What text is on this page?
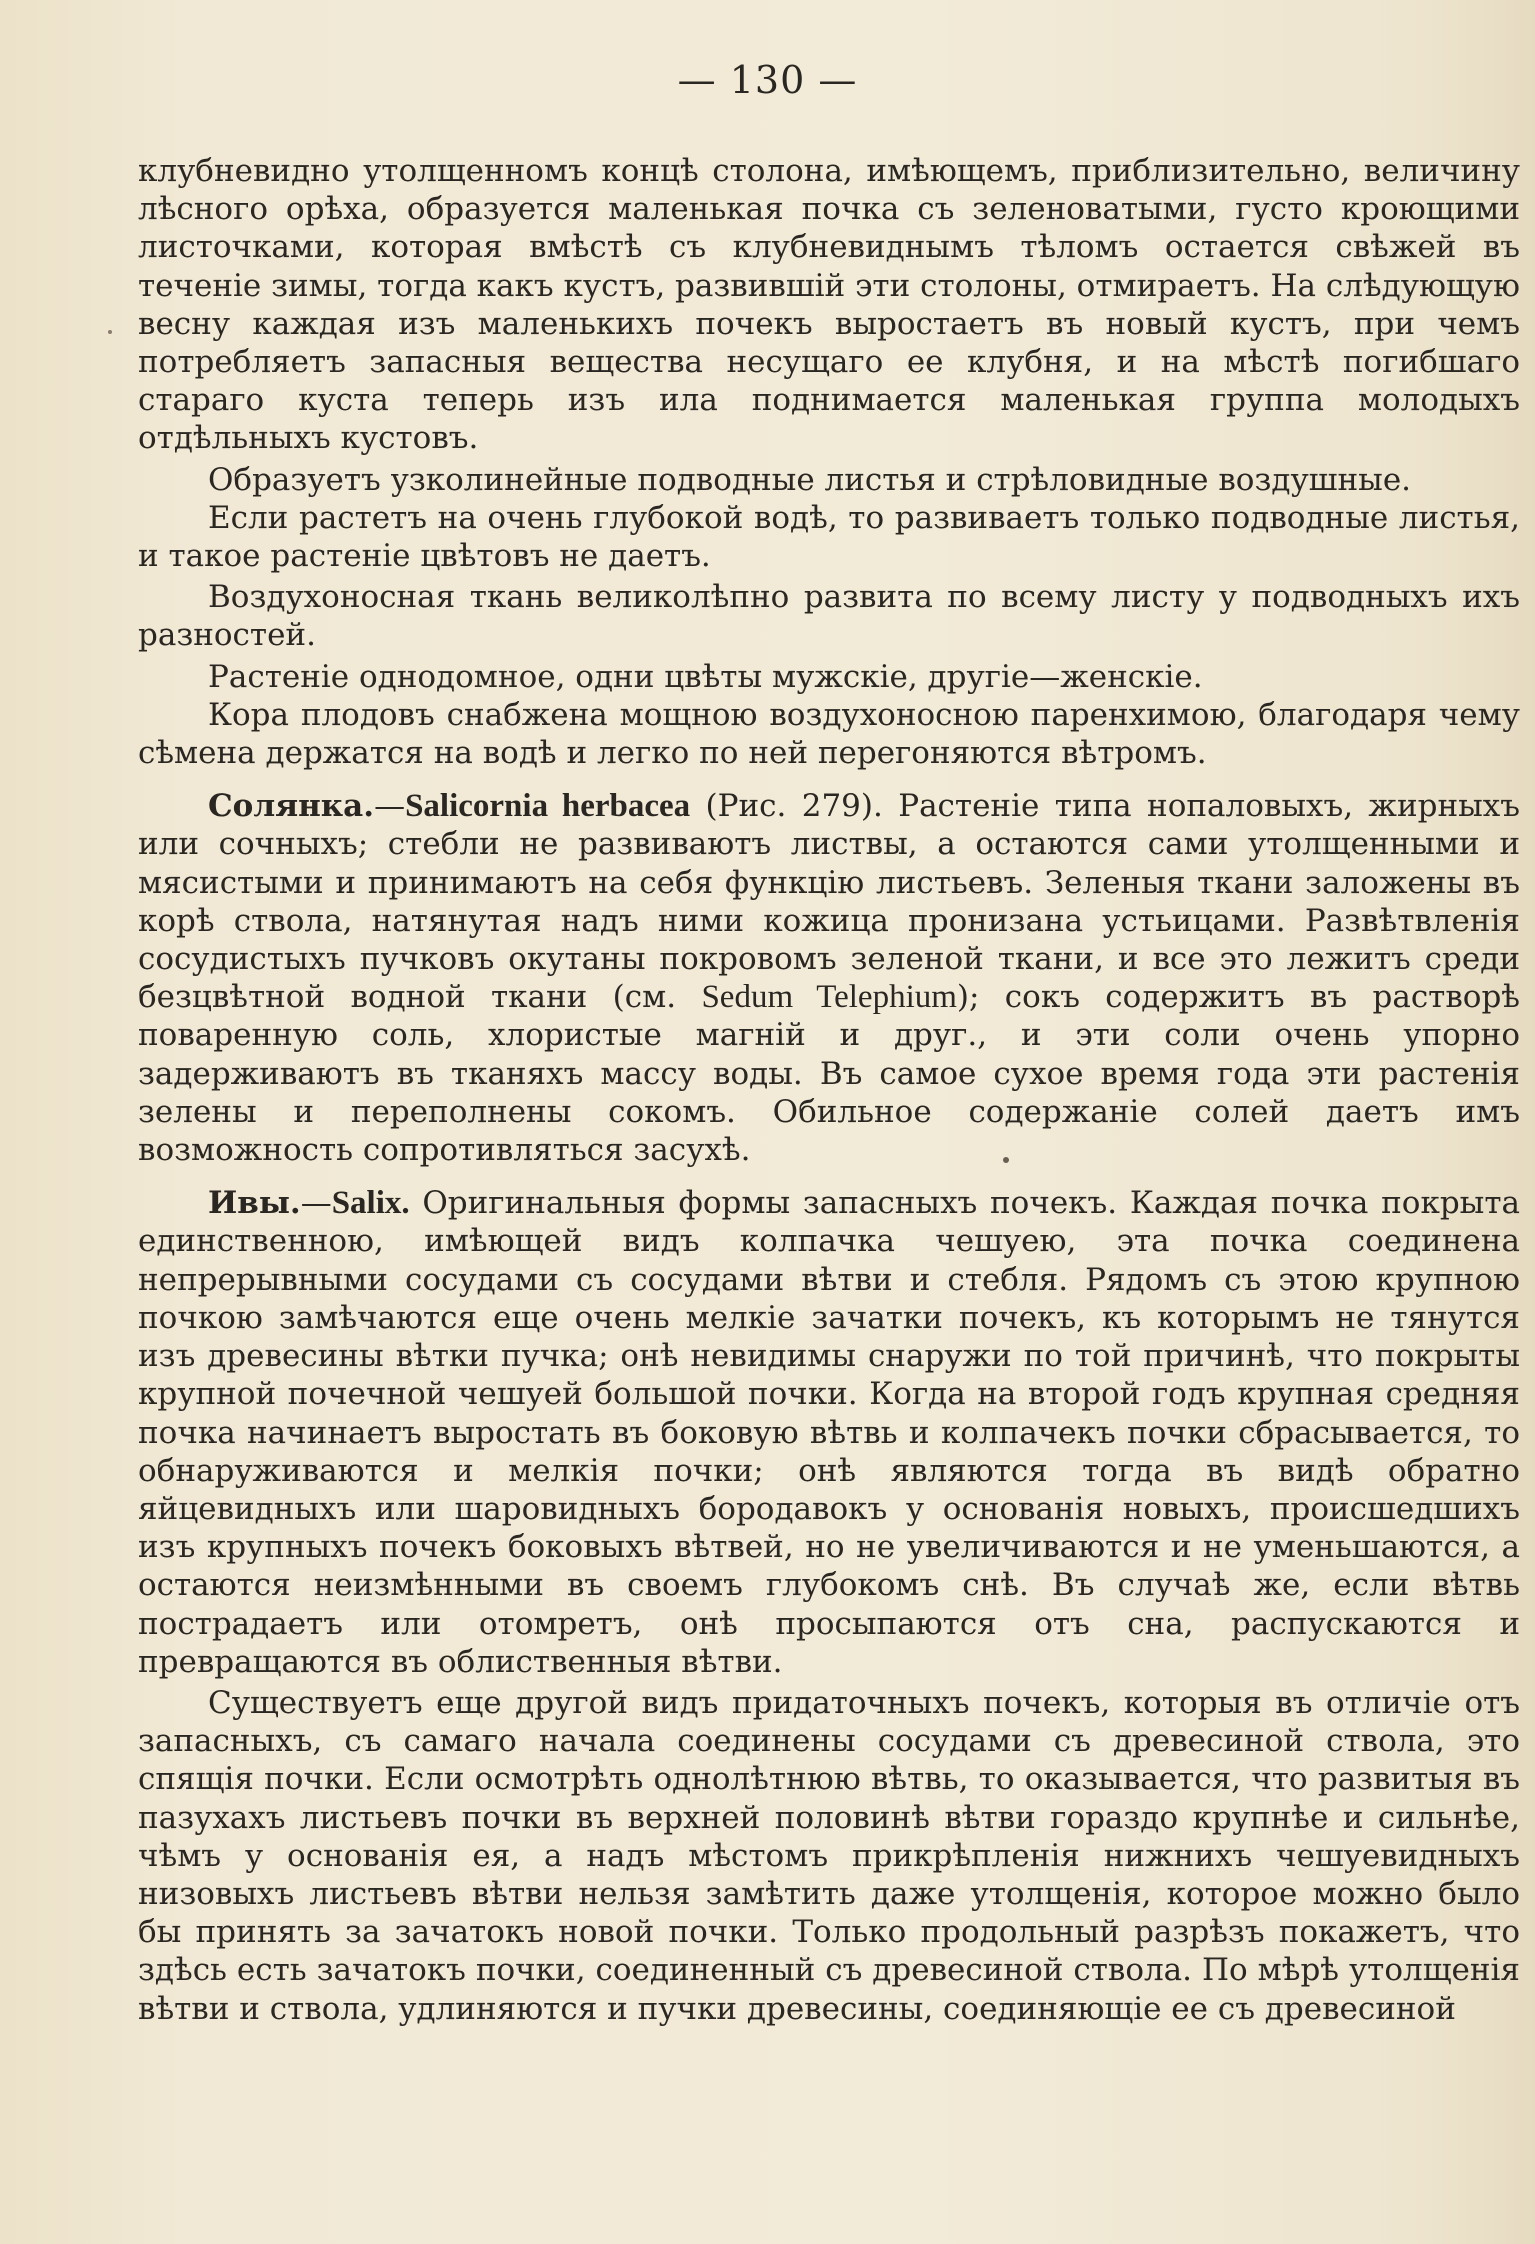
— 130 —

клубневидно утолщенномъ концѣ столона, имѣющемъ, приблизительно, величину лѣсного орѣха, образуется маленькая почка съ зеленоватыми, густо кроющими листочками, которая вмѣстѣ съ клубневиднымъ тѣломъ остается свѣжей въ теченіе зимы, тогда какъ кустъ, развившій эти столоны, отмираетъ. На слѣдующую весну каждая изъ маленькихъ почекъ выростаетъ въ новый кустъ, при чемъ потребляетъ запасныя вещества несущаго ее клубня, и на мѣстѣ погибшаго стараго куста теперь изъ ила поднимается маленькая группа молодыхъ отдѣльныхъ кустовъ.

Образуетъ узколинейные подводные листья и стрѣловидные воздушные.

Если растетъ на очень глубокой водѣ, то развиваетъ только подводные листья, и такое растеніе цвѣтовъ не даетъ.

Воздухоносная ткань великолѣпно развита по всему листу у подводныхъ ихъ разностей.

Растеніе однодомное, одни цвѣты мужскіе, другіе—женскіе.

Кора плодовъ снабжена мощною воздухоносною паренхимою, благодаря чему сѣмена держатся на водѣ и легко по ней перегоняются вѣтромъ.

Солянка.—Salicornia herbacea (Рис. 279). Растеніе типа нопаловыхъ, жирныхъ или сочныхъ; стебли не развиваютъ листвы, а остаются сами утолщенными и мясистыми и принимаютъ на себя функцію листьевъ. Зеленыя ткани заложены въ корѣ ствола, натянутая надъ ними кожица пронизана устьицами. Развѣтвленія сосудистыхъ пучковъ окутаны покровомъ зеленой ткани, и все это лежитъ среди безцвѣтной водной ткани (см. Sedum Telephium); сокъ содержитъ въ растворѣ поваренную соль, хлористые магній и друг., и эти соли очень упорно задерживаютъ въ тканяхъ массу воды. Въ самое сухое время года эти растенія зелены и переполнены сокомъ. Обильное содержаніе солей даетъ имъ возможность сопротивляться засухѣ.

Ивы.—Salix. Оригинальныя формы запасныхъ почекъ. Каждая почка покрыта единственною, имѣющей видъ колпачка чешуею, эта почка соединена непрерывными сосудами съ сосудами вѣтви и стебля. Рядомъ съ этою крупною почкою замѣчаются еще очень мелкіе зачатки почекъ, къ которымъ не тянутся изъ древесины вѣтки пучка; онѣ невидимы снаружи по той причинѣ, что покрыты крупной почечной чешуей большой почки. Когда на второй годъ крупная средняя почка начинаетъ выростать въ боковую вѣтвь и колпачекъ почки сбрасывается, то обнаруживаются и мелкія почки; онѣ являются тогда въ видѣ обратно яйцевидныхъ или шаровидныхъ бородавокъ у основанія новыхъ, происшедшихъ изъ крупныхъ почекъ боковыхъ вѣтвей, но не увеличиваются и не уменьшаются, а остаются неизмѣнными въ своемъ глубокомъ снѣ. Въ случаѣ же, если вѣтвь пострадаетъ или отомретъ, онѣ просыпаются отъ сна, распускаются и превращаются въ облиственныя вѣтви.

Существуетъ еще другой видъ придаточныхъ почекъ, которыя въ отличіе отъ запасныхъ, съ самаго начала соединены сосудами съ древесиной ствола, это спящія почки. Если осмотрѣть однолѣтнюю вѣтвь, то оказывается, что развитыя въ пазухахъ листьевъ почки въ верхней половинѣ вѣтви гораздо крупнѣе и сильнѣе, чѣмъ у основанія ея, а надъ мѣстомъ прикрѣпленія нижнихъ чешуевидныхъ низовыхъ листьевъ вѣтви нельзя замѣтить даже утолщенія, которое можно было бы принять за зачатокъ новой почки. Только продольный разрѣзъ покажетъ, что здѣсь есть зачатокъ почки, соединенный съ древесиной ствола. По мѣрѣ утолщенія вѣтви и ствола, удлиняются и пучки древесины, соединяющіе ее съ древесиной
